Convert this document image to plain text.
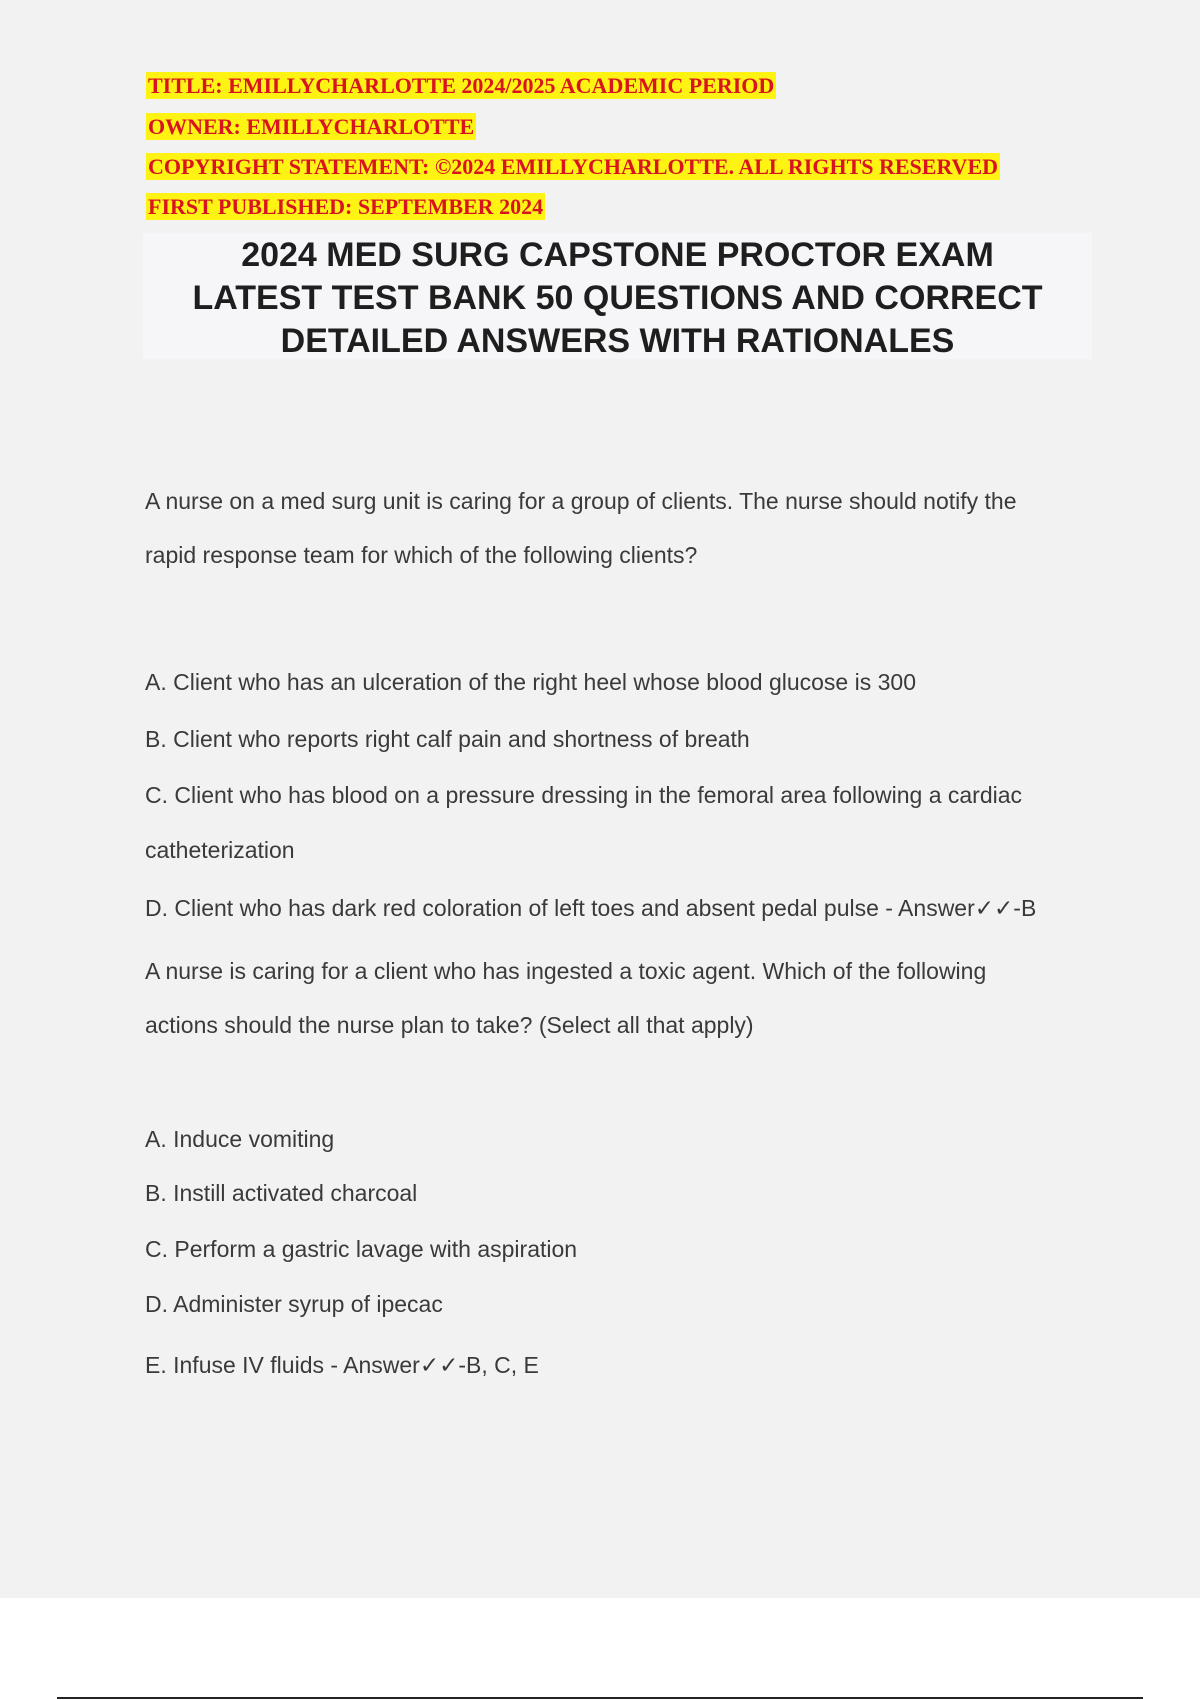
TITLE: EMILLYCHARLOTTE 2024/2025 ACADEMIC PERIOD
OWNER: EMILLYCHARLOTTE
COPYRIGHT STATEMENT: ©2024 EMILLYCHARLOTTE. ALL RIGHTS RESERVED
FIRST PUBLISHED: SEPTEMBER 2024
2024 MED SURG CAPSTONE PROCTOR EXAM
LATEST TEST BANK 50 QUESTIONS AND CORRECT
DETAILED ANSWERS WITH RATIONALES
A nurse on a med surg unit is caring for a group of clients. The nurse should notify the
rapid response team for which of the following clients?
A. Client who has an ulceration of the right heel whose blood glucose is 300
B. Client who reports right calf pain and shortness of breath
C. Client who has blood on a pressure dressing in the femoral area following a cardiac
catheterization
D. Client who has dark red coloration of left toes and absent pedal pulse - Answer✓✓-B
A nurse is caring for a client who has ingested a toxic agent. Which of the following
actions should the nurse plan to take? (Select all that apply)
A. Induce vomiting
B. Instill activated charcoal
C. Perform a gastric lavage with aspiration
D. Administer syrup of ipecac
E. Infuse IV fluids - Answer✓✓-B, C, E
